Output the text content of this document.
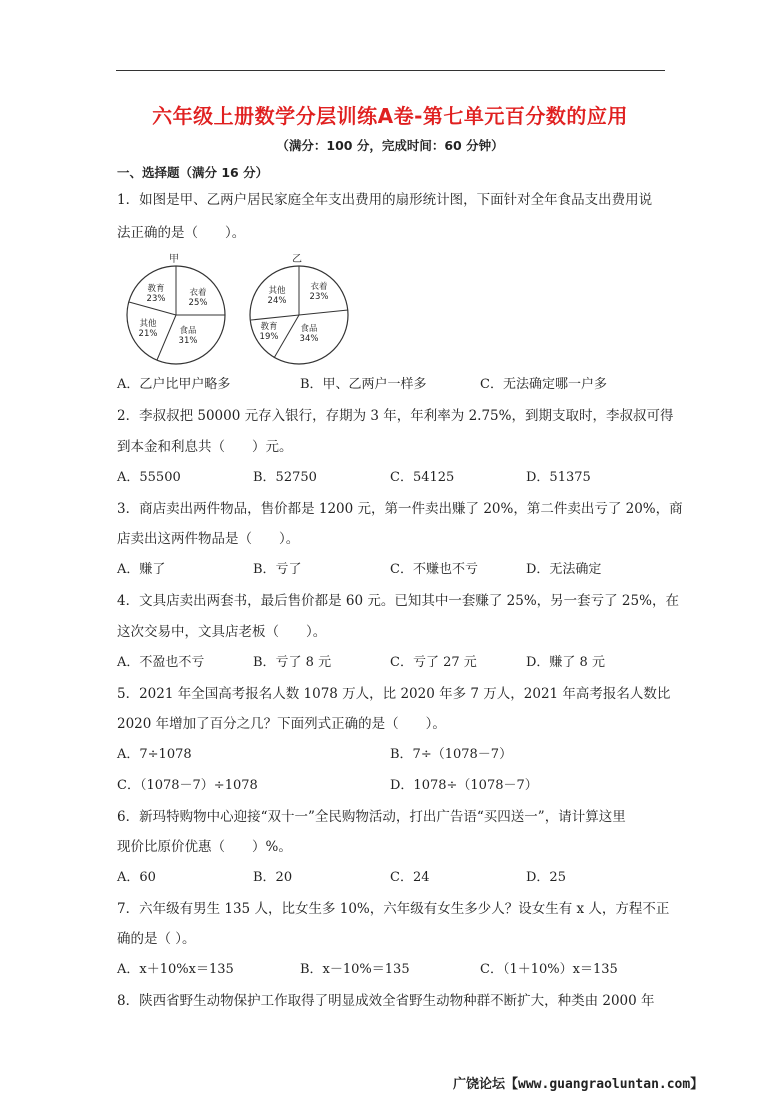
六年级上册数学分层训练A卷-第七单元百分数的应用
（满分：100 分，完成时间：60 分钟）
一、选择题（满分 16 分）
1．如图是甲、乙两户居民家庭全年支出费用的扇形统计图，下面针对全年食品支出费用说
法正确的是（　　）。
甲
教育
23%
衣着
25%
其他
21%	食品
31%
乙
其他
24%
衣着
23%
教育
19%
食品
34%
A．乙户比甲户略多	B．甲、乙两户一样多	C．无法确定哪一户多
2．李叔叔把 50000 元存入银行，存期为 3 年，年利率为 2.75%，到期支取时，李叔叔可得
到本金和利息共（　　）元。
A．55500	B．52750	C．54125	D．51375
3．商店卖出两件物品，售价都是 1200 元，第一件卖出赚了 20%，第二件卖出亏了 20%，商
店卖出这两件物品是（　　）。
A．赚了	B．亏了	C．不赚也不亏	D．无法确定
4．文具店卖出两套书，最后售价都是 60 元。已知其中一套赚了 25%，另一套亏了 25%，在
这次交易中，文具店老板（　　）。
A．不盈也不亏	B．亏了 8 元	C．亏了 27 元	D．赚了 8 元
5．2021 年全国高考报名人数 1078 万人，比 2020 年多 7 万人，2021 年高考报名人数比
2020 年增加了百分之几？下面列式正确的是（　　）。
A．7÷1078	B．7÷（1078－7）
C．（1078－7）÷1078	D．1078÷（1078－7）
6．新玛特购物中心迎接“双十一”全民购物活动，打出广告语“买四送一”，请计算这里
现价比原价优惠（　　）%。
A．60	B．20	C．24	D．25
7．六年级有男生 135 人，比女生多 10%，六年级有女生多少人？设女生有 x 人，方程不正
确的是（ ）。
A．x＋10%x＝135	B．x－10%＝135	C．（1＋10%）x＝135
8．陕西省野生动物保护工作取得了明显成效全省野生动物种群不断扩大，种类由 2000 年
广饶论坛【www.guangraoluntan.com】
